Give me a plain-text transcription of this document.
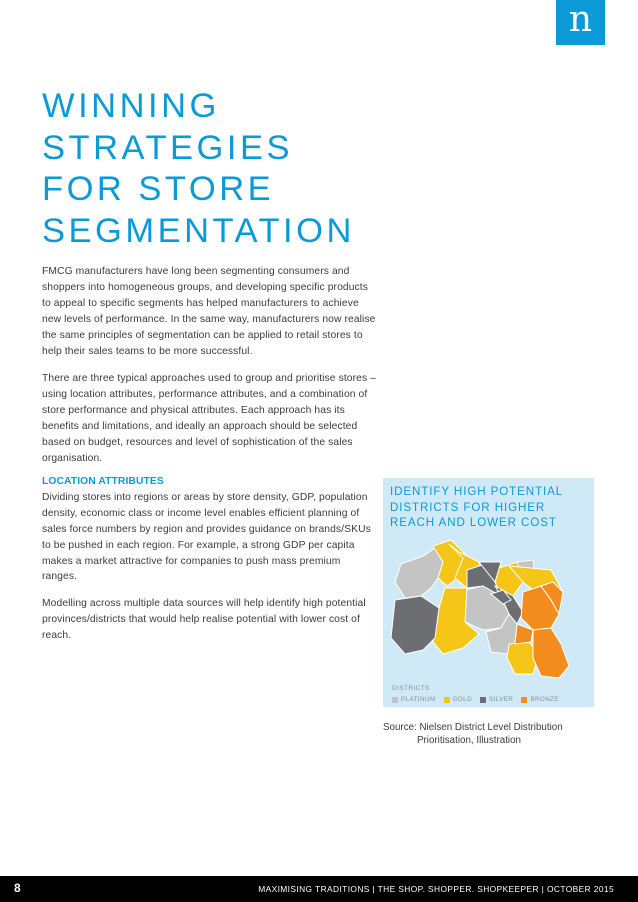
n
WINNING
STRATEGIES
FOR STORE
SEGMENTATION

FMCG manufacturers have long been segmenting consumers and shoppers into homogeneous groups, and developing specific products to appeal to specific segments has helped manufacturers to achieve new levels of performance. In the same way, manufacturers now realise the same principles of segmentation can be applied to retail stores to help their sales teams to be more successful.

There are three typical approaches used to group and prioritise stores – using location attributes, performance attributes, and a combination of store performance and physical attributes. Each approach has its benefits and limitations, and ideally an approach should be selected based on budget, resources and level of sophistication of the sales organisation.

LOCATION ATTRIBUTES

Dividing stores into regions or areas by store density, GDP, population density, economic class or income level enables efficient planning of sales force numbers by region and provides guidance on brands/SKUs to be pushed in each region. For example, a strong GDP per capita makes a market attractive for companies to push mass premium ranges.

Modelling across multiple data sources will help identify high potential provinces/districts that would help realise potential with lower cost of reach.

IDENTIFY HIGH POTENTIAL DISTRICTS FOR HIGHER REACH AND LOWER COST
DISTRICTS
PLATINUM	GOLD	SILVER	BRONZE
Source: Nielsen District Level Distribution
Prioritisation, Illustration
8	MAXIMISING TRADITIONS | THE SHOP. SHOPPER. SHOPKEEPER | OCTOBER 2015
